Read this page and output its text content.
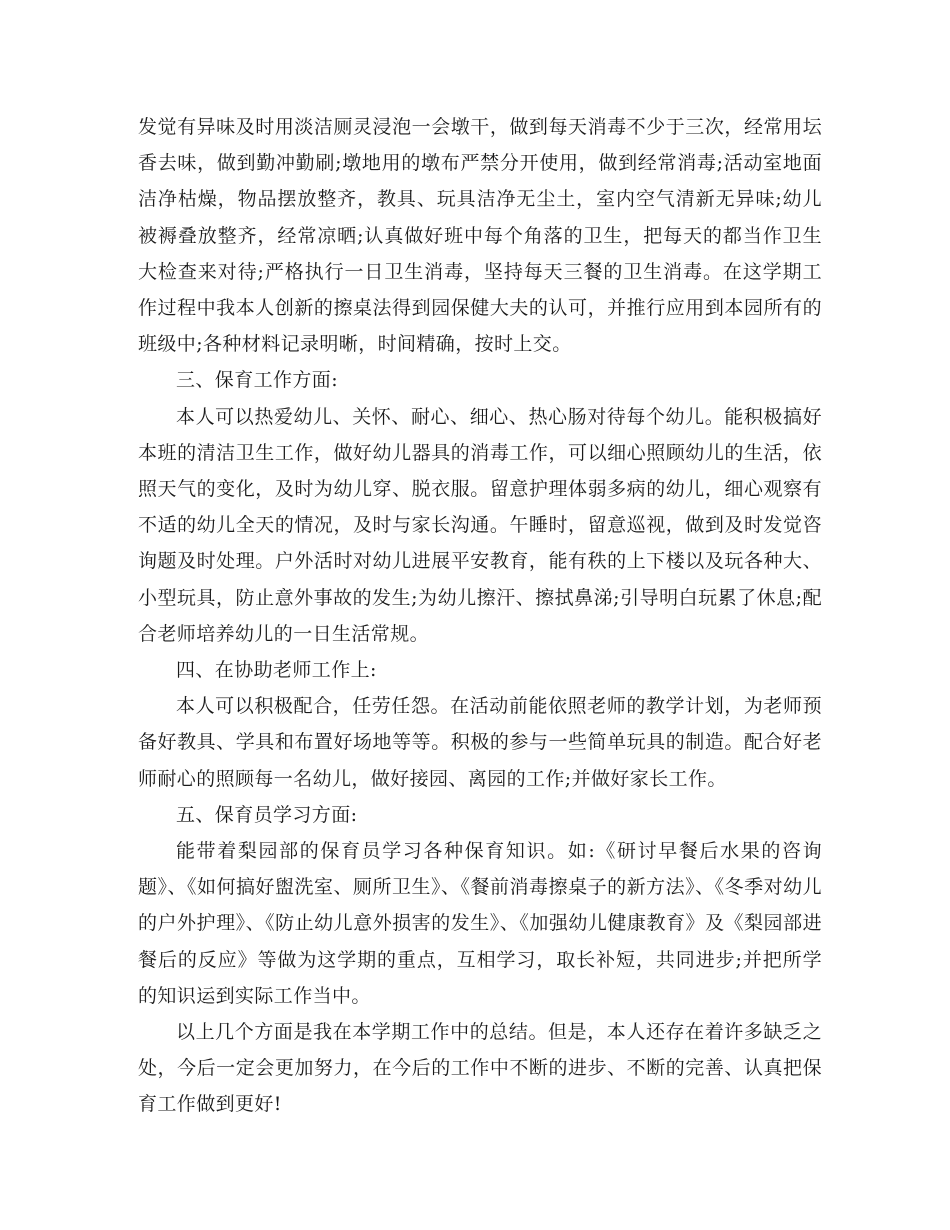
发觉有异味及时用淡洁厕灵浸泡一会墩干，做到每天消毒不少于三次，经常用坛香去味，做到勤冲勤刷;墩地用的墩布严禁分开使用，做到经常消毒;活动室地面洁净枯燥，物品摆放整齐，教具、玩具洁净无尘土，室内空气清新无异味;幼儿被褥叠放整齐，经常凉晒;认真做好班中每个角落的卫生，把每天的都当作卫生大检查来对待;严格执行一日卫生消毒，坚持每天三餐的卫生消毒。在这学期工作过程中我本人创新的擦桌法得到园保健大夫的认可，并推行应用到本园所有的班级中;各种材料记录明晰，时间精确，按时上交。

三、保育工作方面:

本人可以热爱幼儿、关怀、耐心、细心、热心肠对待每个幼儿。能积极搞好本班的清洁卫生工作，做好幼儿器具的消毒工作，可以细心照顾幼儿的生活，依照天气的变化，及时为幼儿穿、脱衣服。留意护理体弱多病的幼儿，细心观察有不适的幼儿全天的情况，及时与家长沟通。午睡时，留意巡视，做到及时发觉咨询题及时处理。户外活时对幼儿进展平安教育，能有秩的上下楼以及玩各种大、小型玩具，防止意外事故的发生;为幼儿擦汗、擦拭鼻涕;引导明白玩累了休息;配合老师培养幼儿的一日生活常规。

四、在协助老师工作上:

本人可以积极配合，任劳任怨。在活动前能依照老师的教学计划，为老师预备好教具、学具和布置好场地等等。积极的参与一些简单玩具的制造。配合好老师耐心的照顾每一名幼儿，做好接园、离园的工作;并做好家长工作。

五、保育员学习方面:

能带着梨园部的保育员学习各种保育知识。如:《研讨早餐后水果的咨询题》、《如何搞好盥洗室、厕所卫生》、《餐前消毒擦桌子的新方法》、《冬季对幼儿的户外护理》、《防止幼儿意外损害的发生》、《加强幼儿健康教育》及《梨园部进餐后的反应》等做为这学期的重点，互相学习，取长补短，共同进步;并把所学的知识运到实际工作当中。

以上几个方面是我在本学期工作中的总结。但是，本人还存在着许多缺乏之处，今后一定会更加努力，在今后的工作中不断的进步、不断的完善、认真把保育工作做到更好!
